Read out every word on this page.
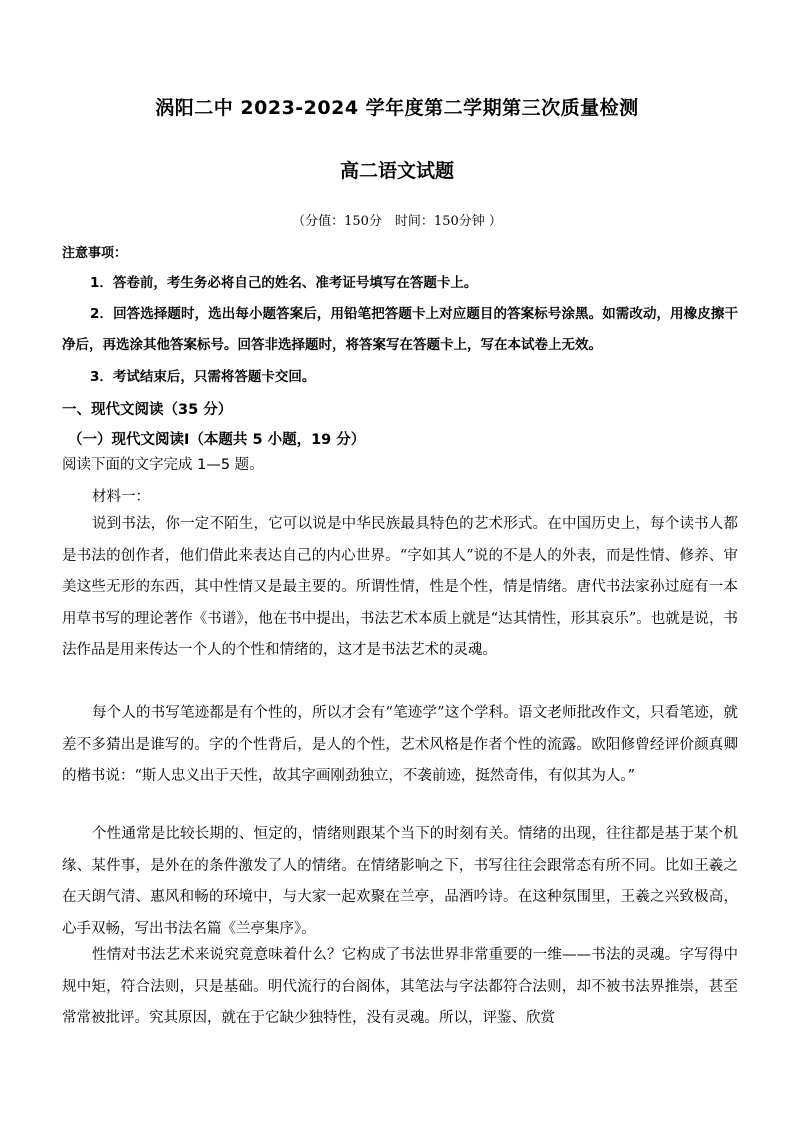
涡阳二中 2023-2024 学年度第二学期第三次质量检测
高二语文试题
（分值：150分　时间：150分钟 ）
注意事项：
1．答卷前，考生务必将自己的姓名、准考证号填写在答题卡上。
2．回答选择题时，选出每小题答案后，用铅笔把答题卡上对应题目的答案标号涂黑。如需改动，用橡皮擦干净后，再选涂其他答案标号。回答非选择题时，将答案写在答题卡上，写在本试卷上无效。
3．考试结束后，只需将答题卡交回。
一、现代文阅读（35 分）
（一）现代文阅读Ⅰ（本题共 5 小题，19 分）
阅读下面的文字完成 1—5 题。
材料一：
说到书法，你一定不陌生，它可以说是中华民族最具特色的艺术形式。在中国历史上，每个读书人都是书法的创作者，他们借此来表达自己的内心世界。“字如其人”说的不是人的外表，而是性情、修养、审美这些无形的东西，其中性情又是最主要的。所谓性情，性是个性，情是情绪。唐代书法家孙过庭有一本用草书写的理论著作《书谱》，他在书中提出，书法艺术本质上就是“达其情性，形其哀乐”。也就是说，书法作品是用来传达一个人的个性和情绪的，这才是书法艺术的灵魂。
每个人的书写笔迹都是有个性的，所以才会有“笔迹学”这个学科。语文老师批改作文，只看笔迹，就差不多猜出是谁写的。字的个性背后，是人的个性，艺术风格是作者个性的流露。欧阳修曾经评价颜真卿的楷书说：“斯人忠义出于天性，故其字画刚劲独立，不袭前迹，挺然奇伟，有似其为人。”
个性通常是比较长期的、恒定的，情绪则跟某个当下的时刻有关。情绪的出现，往往都是基于某个机缘、某件事，是外在的条件激发了人的情绪。在情绪影响之下，书写往往会跟常态有所不同。比如王羲之在天朗气清、惠风和畅的环境中，与大家一起欢聚在兰亭，品酒吟诗。在这种氛围里，王羲之兴致极高，心手双畅，写出书法名篇《兰亭集序》。
性情对书法艺术来说究竟意味着什么？它构成了书法世界非常重要的一维——书法的灵魂。字写得中规中矩，符合法则，只是基础。明代流行的台阁体，其笔法与字法都符合法则，却不被书法界推崇，甚至常常被批评。究其原因，就在于它缺少独特性，没有灵魂。所以，评鉴、欣赏
